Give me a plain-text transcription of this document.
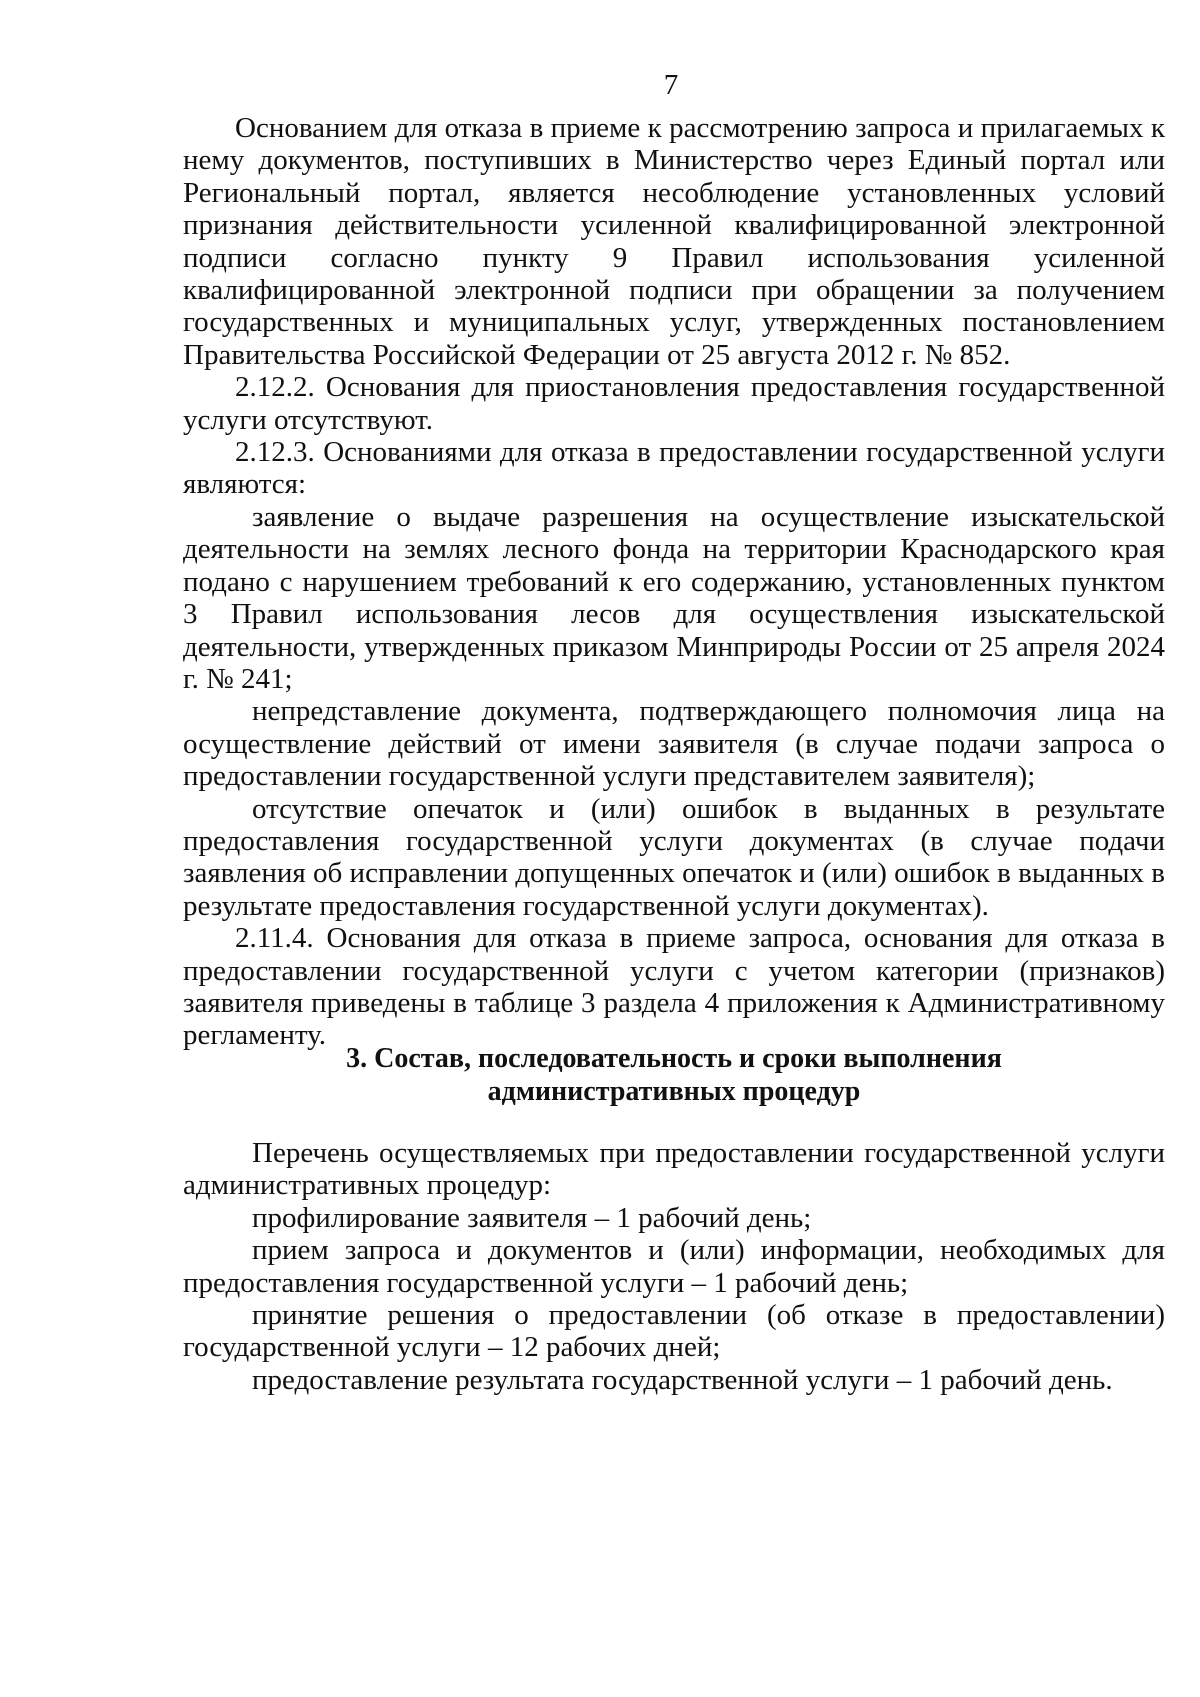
7

Основанием для отказа в приеме к рассмотрению запроса и прилагаемых к нему документов, поступивших в Министерство через Единый портал или Региональный портал, является несоблюдение установленных условий признания действительности усиленной квалифицированной электронной подписи согласно пункту 9 Правил использования усиленной квалифицированной электронной подписи при обращении за получением государственных и муниципальных услуг, утвержденных постановлением Правительства Российской Федерации от 25 августа 2012 г. № 852.

2.12.2. Основания для приостановления предоставления государственной услуги отсутствуют.

2.12.3. Основаниями для отказа в предоставлении государственной услуги являются:

заявление о выдаче разрешения на осуществление изыскательской деятельности на землях лесного фонда на территории Краснодарского края подано с нарушением требований к его содержанию, установленных пунктом 3 Правил использования лесов для осуществления изыскательской деятельности, утвержденных приказом Минприроды России от 25 апреля 2024 г. № 241;

непредставление документа, подтверждающего полномочия лица на осуществление действий от имени заявителя (в случае подачи запроса о предоставлении государственной услуги представителем заявителя);

отсутствие опечаток и (или) ошибок в выданных в результате предоставления государственной услуги документах (в случае подачи заявления об исправлении допущенных опечаток и (или) ошибок в выданных в результате предоставления государственной услуги документах).

2.11.4. Основания для отказа в приеме запроса, основания для отказа в предоставлении государственной услуги с учетом категории (признаков) заявителя приведены в таблице 3 раздела 4 приложения к Административному регламенту.

3. Состав, последовательность и сроки выполнения
административных процедур

Перечень осуществляемых при предоставлении государственной услуги административных процедур:

профилирование заявителя – 1 рабочий день;

прием запроса и документов и (или) информации, необходимых для предоставления государственной услуги – 1 рабочий день;

принятие решения о предоставлении (об отказе в предоставлении) государственной услуги – 12 рабочих дней;

предоставление результата государственной услуги – 1 рабочий день.
